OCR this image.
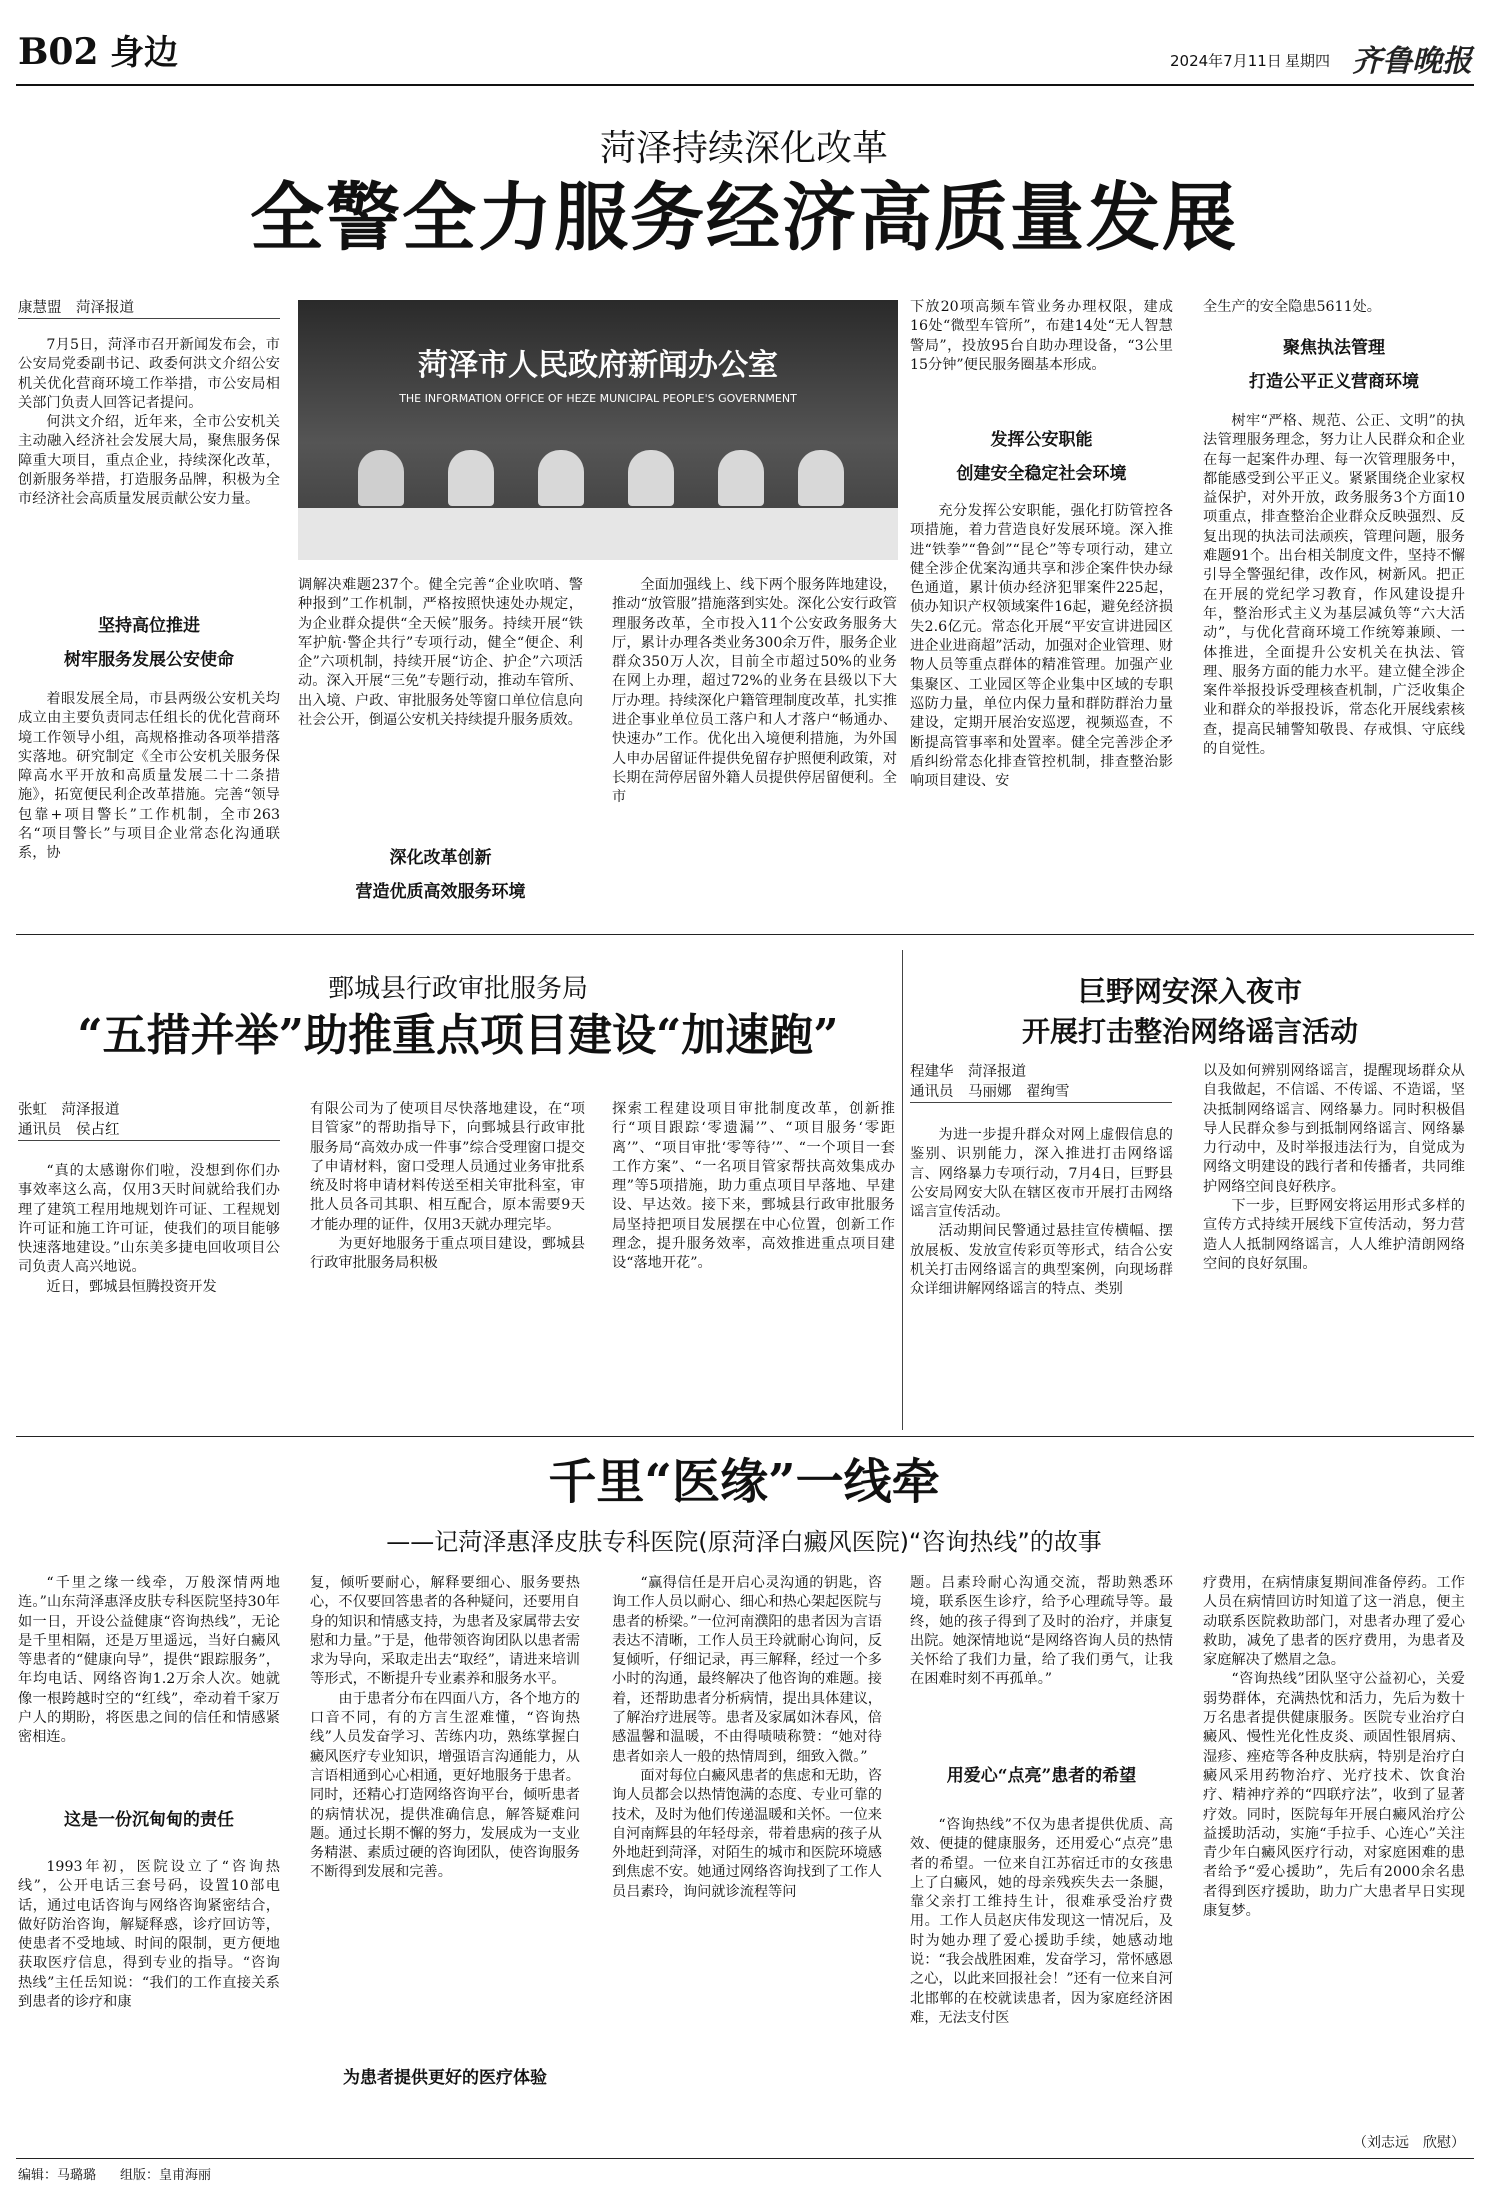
B02 身边	2024年7月11日 星期四 齐鲁晚报
菏泽持续深化改革
全警全力服务经济高质量发展
康慧盟　菏泽报道

7月5日，菏泽市召开新闻发布会，市公安局党委副书记、政委何洪文介绍公安机关优化营商环境工作举措，市公安局相关部门负责人回答记者提问。

何洪文介绍，近年来，全市公安机关主动融入经济社会发展大局，聚焦服务保障重大项目，重点企业，持续深化改革，创新服务举措，打造服务品牌，积极为全市经济社会高质量发展贡献公安力量。

坚持高位推进
树牢服务发展公安使命

着眼发展全局，市县两级公安机关均成立由主要负责同志任组长的优化营商环境工作领导小组，高规格推动各项举措落实落地。研究制定《全市公安机关服务保障高水平开放和高质量发展二十二条措施》，拓宽便民利企改革措施。完善“领导包靠+项目警长”工作机制，全市263名“项目警长”与项目企业常态化沟通联系，协

菏泽市人民政府新闻办公室
THE INFORMATION OFFICE OF HEZE MUNICIPAL PEOPLE'S GOVERNMENT

调解决难题237个。健全完善“企业吹哨、警种报到”工作机制，严格按照快速处办规定，为企业群众提供“全天候”服务。持续开展“铁军护航·警企共行”专项行动，健全“便企、利企”六项机制，持续开展“访企、护企”六项活动。深入开展“三免”专题行动，推动车管所、出入境、户政、审批服务处等窗口单位信息向社会公开，倒逼公安机关持续提升服务质效。

深化改革创新
营造优质高效服务环境

全面加强线上、线下两个服务阵地建设，推动“放管服”措施落到实处。深化公安行政管理服务改革，全市投入11个公安政务服务大厅，累计办理各类业务300余万件，服务企业群众350万人次，目前全市超过50%的业务在网上办理，超过72%的业务在县级以下大厅办理。持续深化户籍管理制度改革，扎实推进企事业单位员工落户和人才落户“畅通办、快速办”工作。优化出入境便利措施，为外国人申办居留证件提供免留存护照便利政策，对长期在菏停居留外籍人员提供停居留便利。全市

下放20项高频车管业务办理权限，建成16处“微型车管所”，布建14处“无人智慧警局”，投放95台自助办理设备，“3公里15分钟”便民服务圈基本形成。

发挥公安职能
创建安全稳定社会环境

充分发挥公安职能，强化打防管控各项措施，着力营造良好发展环境。深入推进“铁拳”“鲁剑”“昆仑”等专项行动，建立健全涉企优案沟通共享和涉企案件快办绿色通道，累计侦办经济犯罪案件225起，侦办知识产权领域案件16起，避免经济损失2.6亿元。常态化开展“平安宣讲进园区进企业进商超”活动，加强对企业管理、财物人员等重点群体的精准管理。加强产业集聚区、工业园区等企业集中区域的专职巡防力量，单位内保力量和群防群治力量建设，定期开展治安巡逻，视频巡查，不断提高管事率和处置率。健全完善涉企矛盾纠纷常态化排查管控机制，排查整治影响项目建设、安

全生产的安全隐患5611处。

聚焦执法管理
打造公平正义营商环境

树牢“严格、规范、公正、文明”的执法管理服务理念，努力让人民群众和企业在每一起案件办理、每一次管理服务中，都能感受到公平正义。紧紧围绕企业家权益保护，对外开放，政务服务3个方面10项重点，排查整治企业群众反映强烈、反复出现的执法司法顽疾，管理问题，服务难题91个。出台相关制度文件，坚持不懈引导全警强纪律，改作风，树新风。把正在开展的党纪学习教育，作风建设提升年，整治形式主义为基层减负等“六大活动”，与优化营商环境工作统筹兼顾、一体推进，全面提升公安机关在执法、管理、服务方面的能力水平。建立健全涉企案件举报投诉受理核查机制，广泛收集企业和群众的举报投诉，常态化开展线索核查，提高民辅警知敬畏、存戒惧、守底线的自觉性。

鄄城县行政审批服务局
“五措并举”助推重点项目建设“加速跑”
张虹　菏泽报道
通讯员　侯占红

“真的太感谢你们啦，没想到你们办事效率这么高，仅用3天时间就给我们办理了建筑工程用地规划许可证、工程规划许可证和施工许可证，使我们的项目能够快速落地建设。”山东美多捷电回收项目公司负责人高兴地说。

近日，鄄城县恒腾投资开发

有限公司为了使项目尽快落地建设，在“项目管家”的帮助指导下，向鄄城县行政审批服务局“高效办成一件事”综合受理窗口提交了申请材料，窗口受理人员通过业务审批系统及时将申请材料传送至相关审批科室，审批人员各司其职、相互配合，原本需要9天才能办理的证件，仅用3天就办理完毕。

为更好地服务于重点项目建设，鄄城县行政审批服务局积极

探索工程建设项目审批制度改革，创新推行“项目跟踪‘零遗漏’”、“项目服务‘零距离’”、“项目审批‘零等待’”、“一个项目一套工作方案”、“一名项目管家帮扶高效集成办理”等5项措施，助力重点项目早落地、早建设、早达效。接下来，鄄城县行政审批服务局坚持把项目发展摆在中心位置，创新工作理念，提升服务效率，高效推进重点项目建设“落地开花”。

巨野网安深入夜市
开展打击整治网络谣言活动
程建华　菏泽报道
通讯员　马丽娜　翟绚雪

为进一步提升群众对网上虚假信息的鉴别、识别能力，深入推进打击网络谣言、网络暴力专项行动，7月4日，巨野县公安局网安大队在辖区夜市开展打击网络谣言宣传活动。

活动期间民警通过悬挂宣传横幅、摆放展板、发放宣传彩页等形式，结合公安机关打击网络谣言的典型案例，向现场群众详细讲解网络谣言的特点、类别

以及如何辨别网络谣言，提醒现场群众从自我做起，不信谣、不传谣、不造谣，坚决抵制网络谣言、网络暴力。同时积极倡导人民群众参与到抵制网络谣言、网络暴力行动中，及时举报违法行为，自觉成为网络文明建设的践行者和传播者，共同维护网络空间良好秩序。

下一步，巨野网安将运用形式多样的宣传方式持续开展线下宣传活动，努力营造人人抵制网络谣言，人人维护清朗网络空间的良好氛围。

千里“医缘”一线牵
——记菏泽惠泽皮肤专科医院(原菏泽白癜风医院)“咨询热线”的故事

“千里之缘一线牵，万般深情两地连。”山东菏泽惠泽皮肤专科医院坚持30年如一日，开设公益健康“咨询热线”，无论是千里相隔，还是万里遥远，当好白癜风等患者的“健康向导”，提供“跟踪服务”，年均电话、网络咨询1.2万余人次。她就像一根跨越时空的“红线”，牵动着千家万户人的期盼，将医患之间的信任和情感紧密相连。

这是一份沉甸甸的责任

1993年初，医院设立了“咨询热线”，公开电话三套号码，设置10部电话，通过电话咨询与网络咨询紧密结合，做好防治咨询，解疑释惑，诊疗回访等，使患者不受地域、时间的限制，更方便地获取医疗信息，得到专业的指导。“咨询热线”主任岳知说：“我们的工作直接关系到患者的诊疗和康

复，倾听要耐心，解释要细心、服务要热心，不仅要回答患者的各种疑问，还要用自身的知识和情感支持，为患者及家属带去安慰和力量。”于是，他带领咨询团队以患者需求为导向，采取走出去“取经”，请进来培训等形式，不断提升专业素养和服务水平。

由于患者分布在四面八方，各个地方的口音不同，有的方言生涩难懂，“咨询热线”人员发奋学习、苦练内功，熟练掌握白癜风医疗专业知识，增强语言沟通能力，从言语相通到心心相通，更好地服务于患者。同时，还精心打造网络咨询平台，倾听患者的病情状况，提供准确信息，解答疑难问题。通过长期不懈的努力，发展成为一支业务精湛、素质过硬的咨询团队，使咨询服务不断得到发展和完善。

为患者提供更好的医疗体验

“赢得信任是开启心灵沟通的钥匙，咨询工作人员以耐心、细心和热心架起医院与患者的桥梁。”一位河南濮阳的患者因为言语表达不清晰，工作人员王玲就耐心询问，反复倾听，仔细记录，再三解释，经过一个多小时的沟通，最终解决了他咨询的难题。接着，还帮助患者分析病情，提出具体建议，了解治疗进展等。患者及家属如沐春风，倍感温馨和温暖，不由得啧啧称赞：“她对待患者如亲人一般的热情周到，细致入微。”

面对每位白癜风患者的焦虑和无助，咨询人员都会以热情饱满的态度、专业可靠的技术，及时为他们传递温暖和关怀。一位来自河南辉县的年轻母亲，带着患病的孩子从外地赶到菏泽，对陌生的城市和医院环境感到焦虑不安。她通过网络咨询找到了工作人员吕素玲，询问就诊流程等问

题。吕素玲耐心沟通交流，帮助熟悉环境，联系医生诊疗，给予心理疏导等。最终，她的孩子得到了及时的治疗，并康复出院。她深情地说“是网络咨询人员的热情关怀给了我们力量，给了我们勇气，让我在困难时刻不再孤单。”

用爱心“点亮”患者的希望

“咨询热线”不仅为患者提供优质、高效、便捷的健康服务，还用爱心“点亮”患者的希望。一位来自江苏宿迁市的女孩患上了白癜风，她的母亲残疾失去一条腿，靠父亲打工维持生计，很难承受治疗费用。工作人员赵庆伟发现这一情况后，及时为她办理了爱心援助手续，她感动地说：“我会战胜困难，发奋学习，常怀感恩之心，以此来回报社会！”还有一位来自河北邯郸的在校就读患者，因为家庭经济困难，无法支付医

疗费用，在病情康复期间准备停药。工作人员在病情回访时知道了这一消息，便主动联系医院救助部门，对患者办理了爱心救助，减免了患者的医疗费用，为患者及家庭解决了燃眉之急。

“咨询热线”团队坚守公益初心，关爱弱势群体，充满热忱和活力，先后为数十万名患者提供健康服务。医院专业治疗白癜风、慢性光化性皮炎、顽固性银屑病、湿疹、痤疮等各种皮肤病，特别是治疗白癜风采用药物治疗、光疗技术、饮食治疗、精神疗养的“四联疗法”，收到了显著疗效。同时，医院每年开展白癜风治疗公益援助活动，实施“手拉手、心连心”关注青少年白癜风医疗行动，对家庭困难的患者给予“爱心援助”，先后有2000余名患者得到医疗援助，助力广大患者早日实现康复梦。

（刘志远　欣慰）
编辑：马璐璐 组版：皇甫海丽
